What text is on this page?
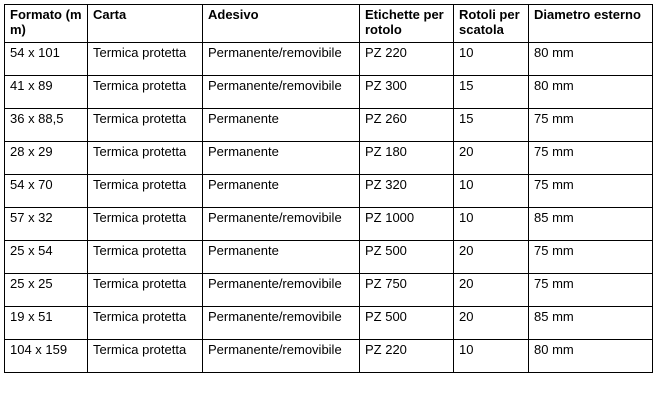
Formato (mm)	Carta	Adesivo	Etichette per rotolo	Rotoli per scatola	Diametro esterno
54 x 101	Termica protetta	Permanente/removibile	PZ 220	10	80 mm
41 x 89	Termica protetta	Permanente/removibile	PZ 300	15	80 mm
36 x 88,5	Termica protetta	Permanente	PZ 260	15	75 mm
28 x 29	Termica protetta	Permanente	PZ 180	20	75 mm
54 x 70	Termica protetta	Permanente	PZ 320	10	75 mm
57 x 32	Termica protetta	Permanente/removibile	PZ 1000	10	85 mm
25 x 54	Termica protetta	Permanente	PZ 500	20	75 mm
25 x 25	Termica protetta	Permanente/removibile	PZ 750	20	75 mm
19 x 51	Termica protetta	Permanente/removibile	PZ 500	20	85 mm
104 x 159	Termica protetta	Permanente/removibile	PZ 220	10	80 mm
